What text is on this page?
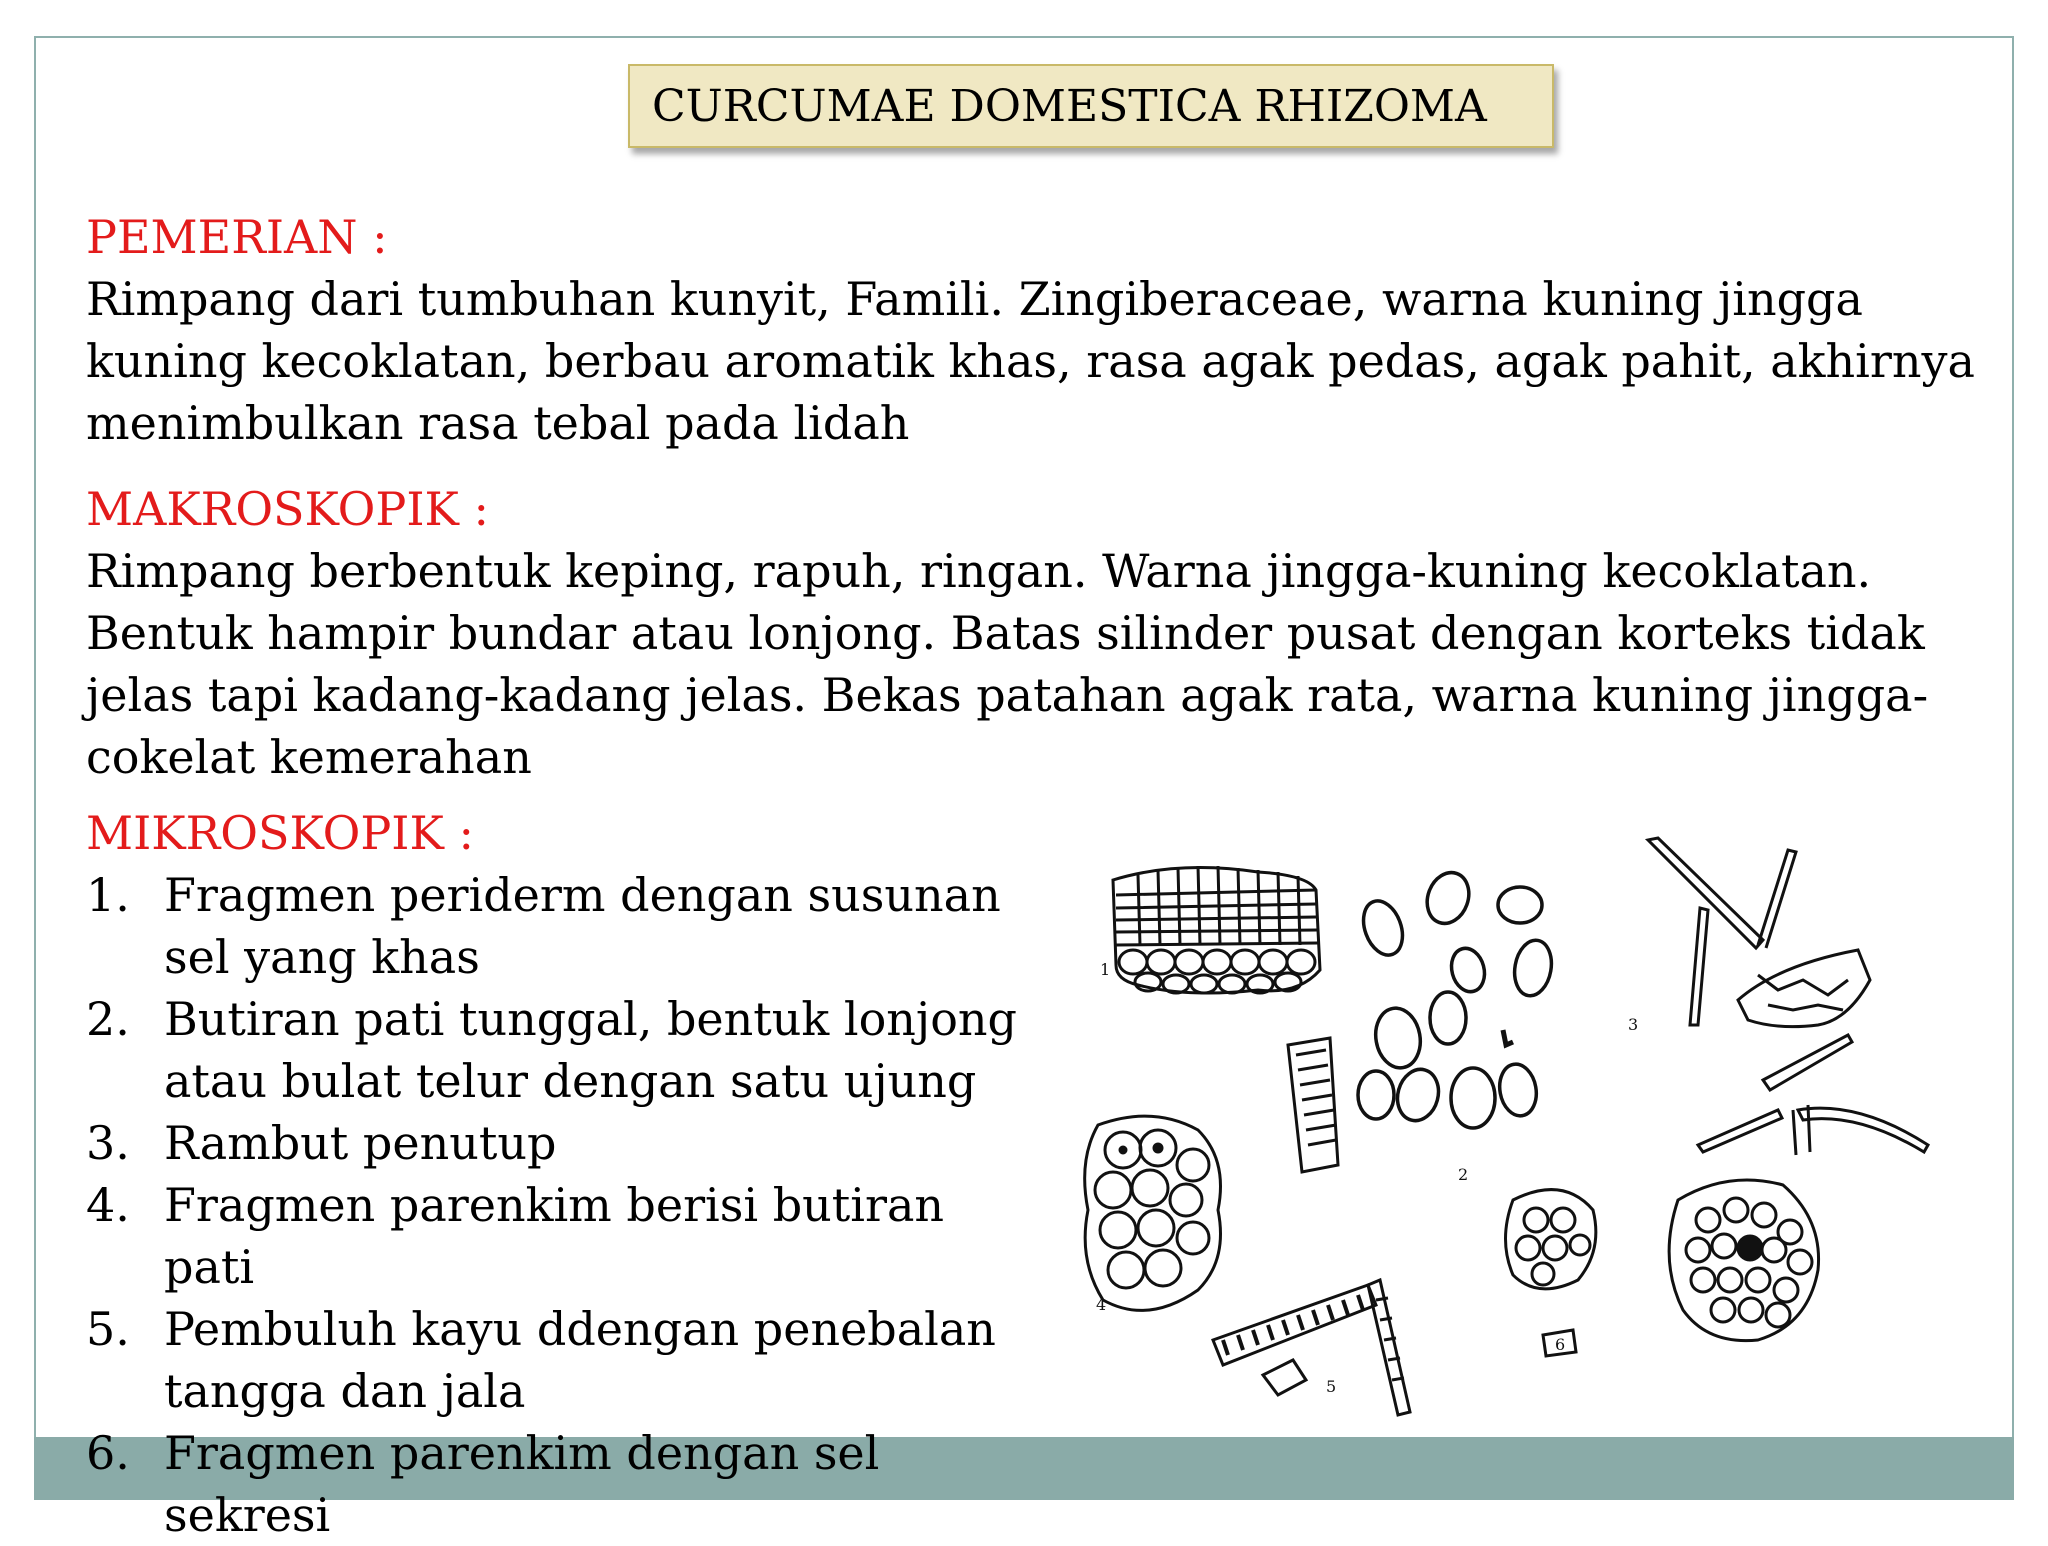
CURCUMAE DOMESTICA RHIZOMA

PEMERIAN :

Rimpang dari tumbuhan kunyit, Famili. Zingiberaceae, warna kuning jingga

kuning kecoklatan, berbau aromatik khas, rasa agak pedas, agak pahit, akhirnya

menimbulkan rasa tebal pada lidah

MAKROSKOPIK :

Rimpang berbentuk keping, rapuh, ringan. Warna jingga-kuning kecoklatan.

Bentuk hampir bundar atau lonjong. Batas silinder pusat dengan korteks tidak

jelas tapi kadang-kadang jelas. Bekas patahan agak rata, warna kuning jingga-

cokelat kemerahan

MIKROSKOPIK :

1. Fragmen periderm dengan susunan
sel yang khas
2. Butiran pati tunggal, bentuk lonjong
atau bulat telur dengan satu ujung
3. Rambut penutup
4. Fragmen parenkim berisi butiran pati
5. Pembuluh kayu ddengan penebalan
tangga dan jala
6. Fragmen parenkim dengan sel sekresi
1
2
3
4
5
6
